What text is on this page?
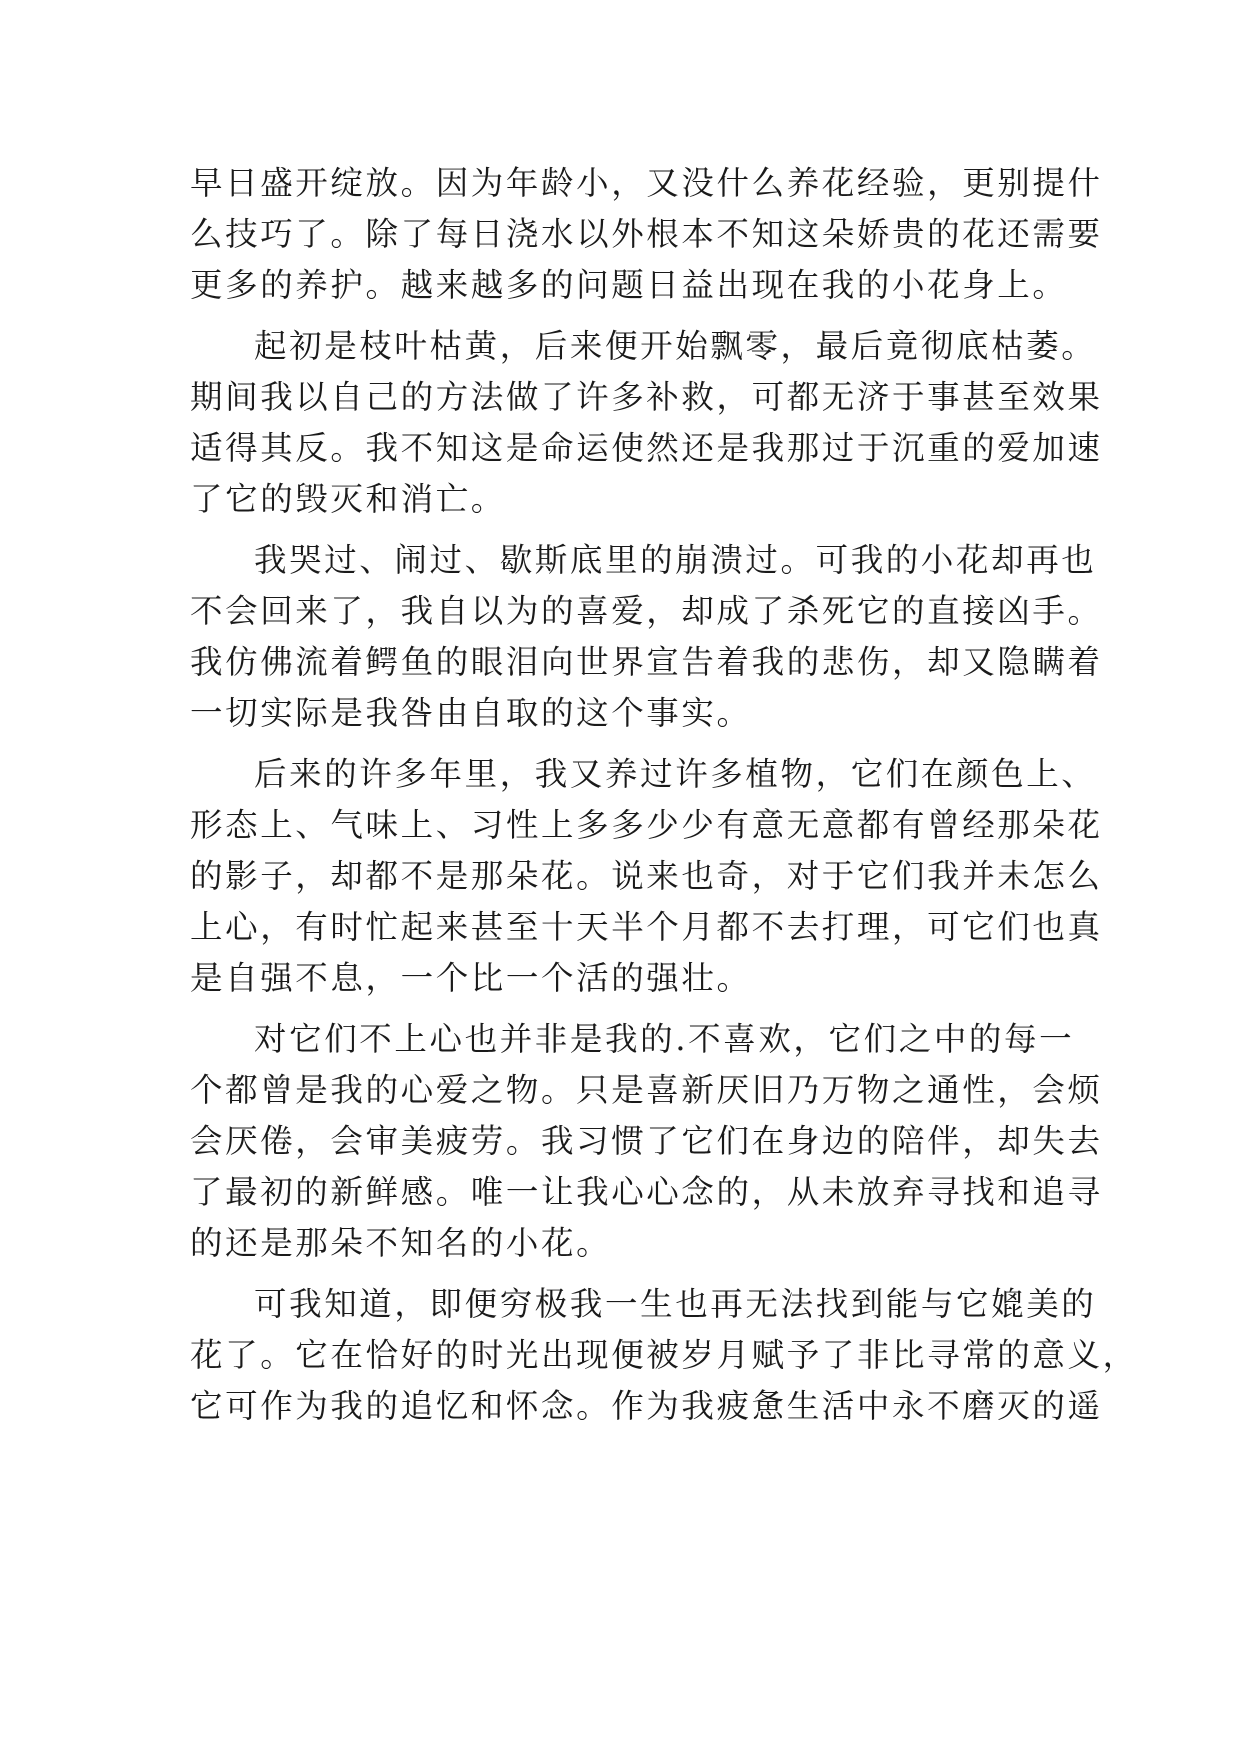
早日盛开绽放。因为年龄小，又没什么养花经验，更别提什
么技巧了。除了每日浇水以外根本不知这朵娇贵的花还需要
更多的养护。越来越多的问题日益出现在我的小花身上。
起初是枝叶枯黄，后来便开始飘零，最后竟彻底枯萎。
期间我以自己的方法做了许多补救，可都无济于事甚至效果
适得其反。我不知这是命运使然还是我那过于沉重的爱加速
了它的毁灭和消亡。
我哭过、闹过、歇斯底里的崩溃过。可我的小花却再也
不会回来了，我自以为的喜爱，却成了杀死它的直接凶手。
我仿佛流着鳄鱼的眼泪向世界宣告着我的悲伤，却又隐瞒着
一切实际是我咎由自取的这个事实。
后来的许多年里，我又养过许多植物，它们在颜色上、
形态上、气味上、习性上多多少少有意无意都有曾经那朵花
的影子，却都不是那朵花。说来也奇，对于它们我并未怎么
上心，有时忙起来甚至十天半个月都不去打理，可它们也真
是自强不息，一个比一个活的强壮。
对它们不上心也并非是我的.不喜欢，它们之中的每一
个都曾是我的心爱之物。只是喜新厌旧乃万物之通性，会烦
会厌倦，会审美疲劳。我习惯了它们在身边的陪伴，却失去
了最初的新鲜感。唯一让我心心念的，从未放弃寻找和追寻
的还是那朵不知名的小花。
可我知道，即便穷极我一生也再无法找到能与它媲美的
花了。它在恰好的时光出现便被岁月赋予了非比寻常的意义，
它可作为我的追忆和怀念。作为我疲惫生活中永不磨灭的遥
